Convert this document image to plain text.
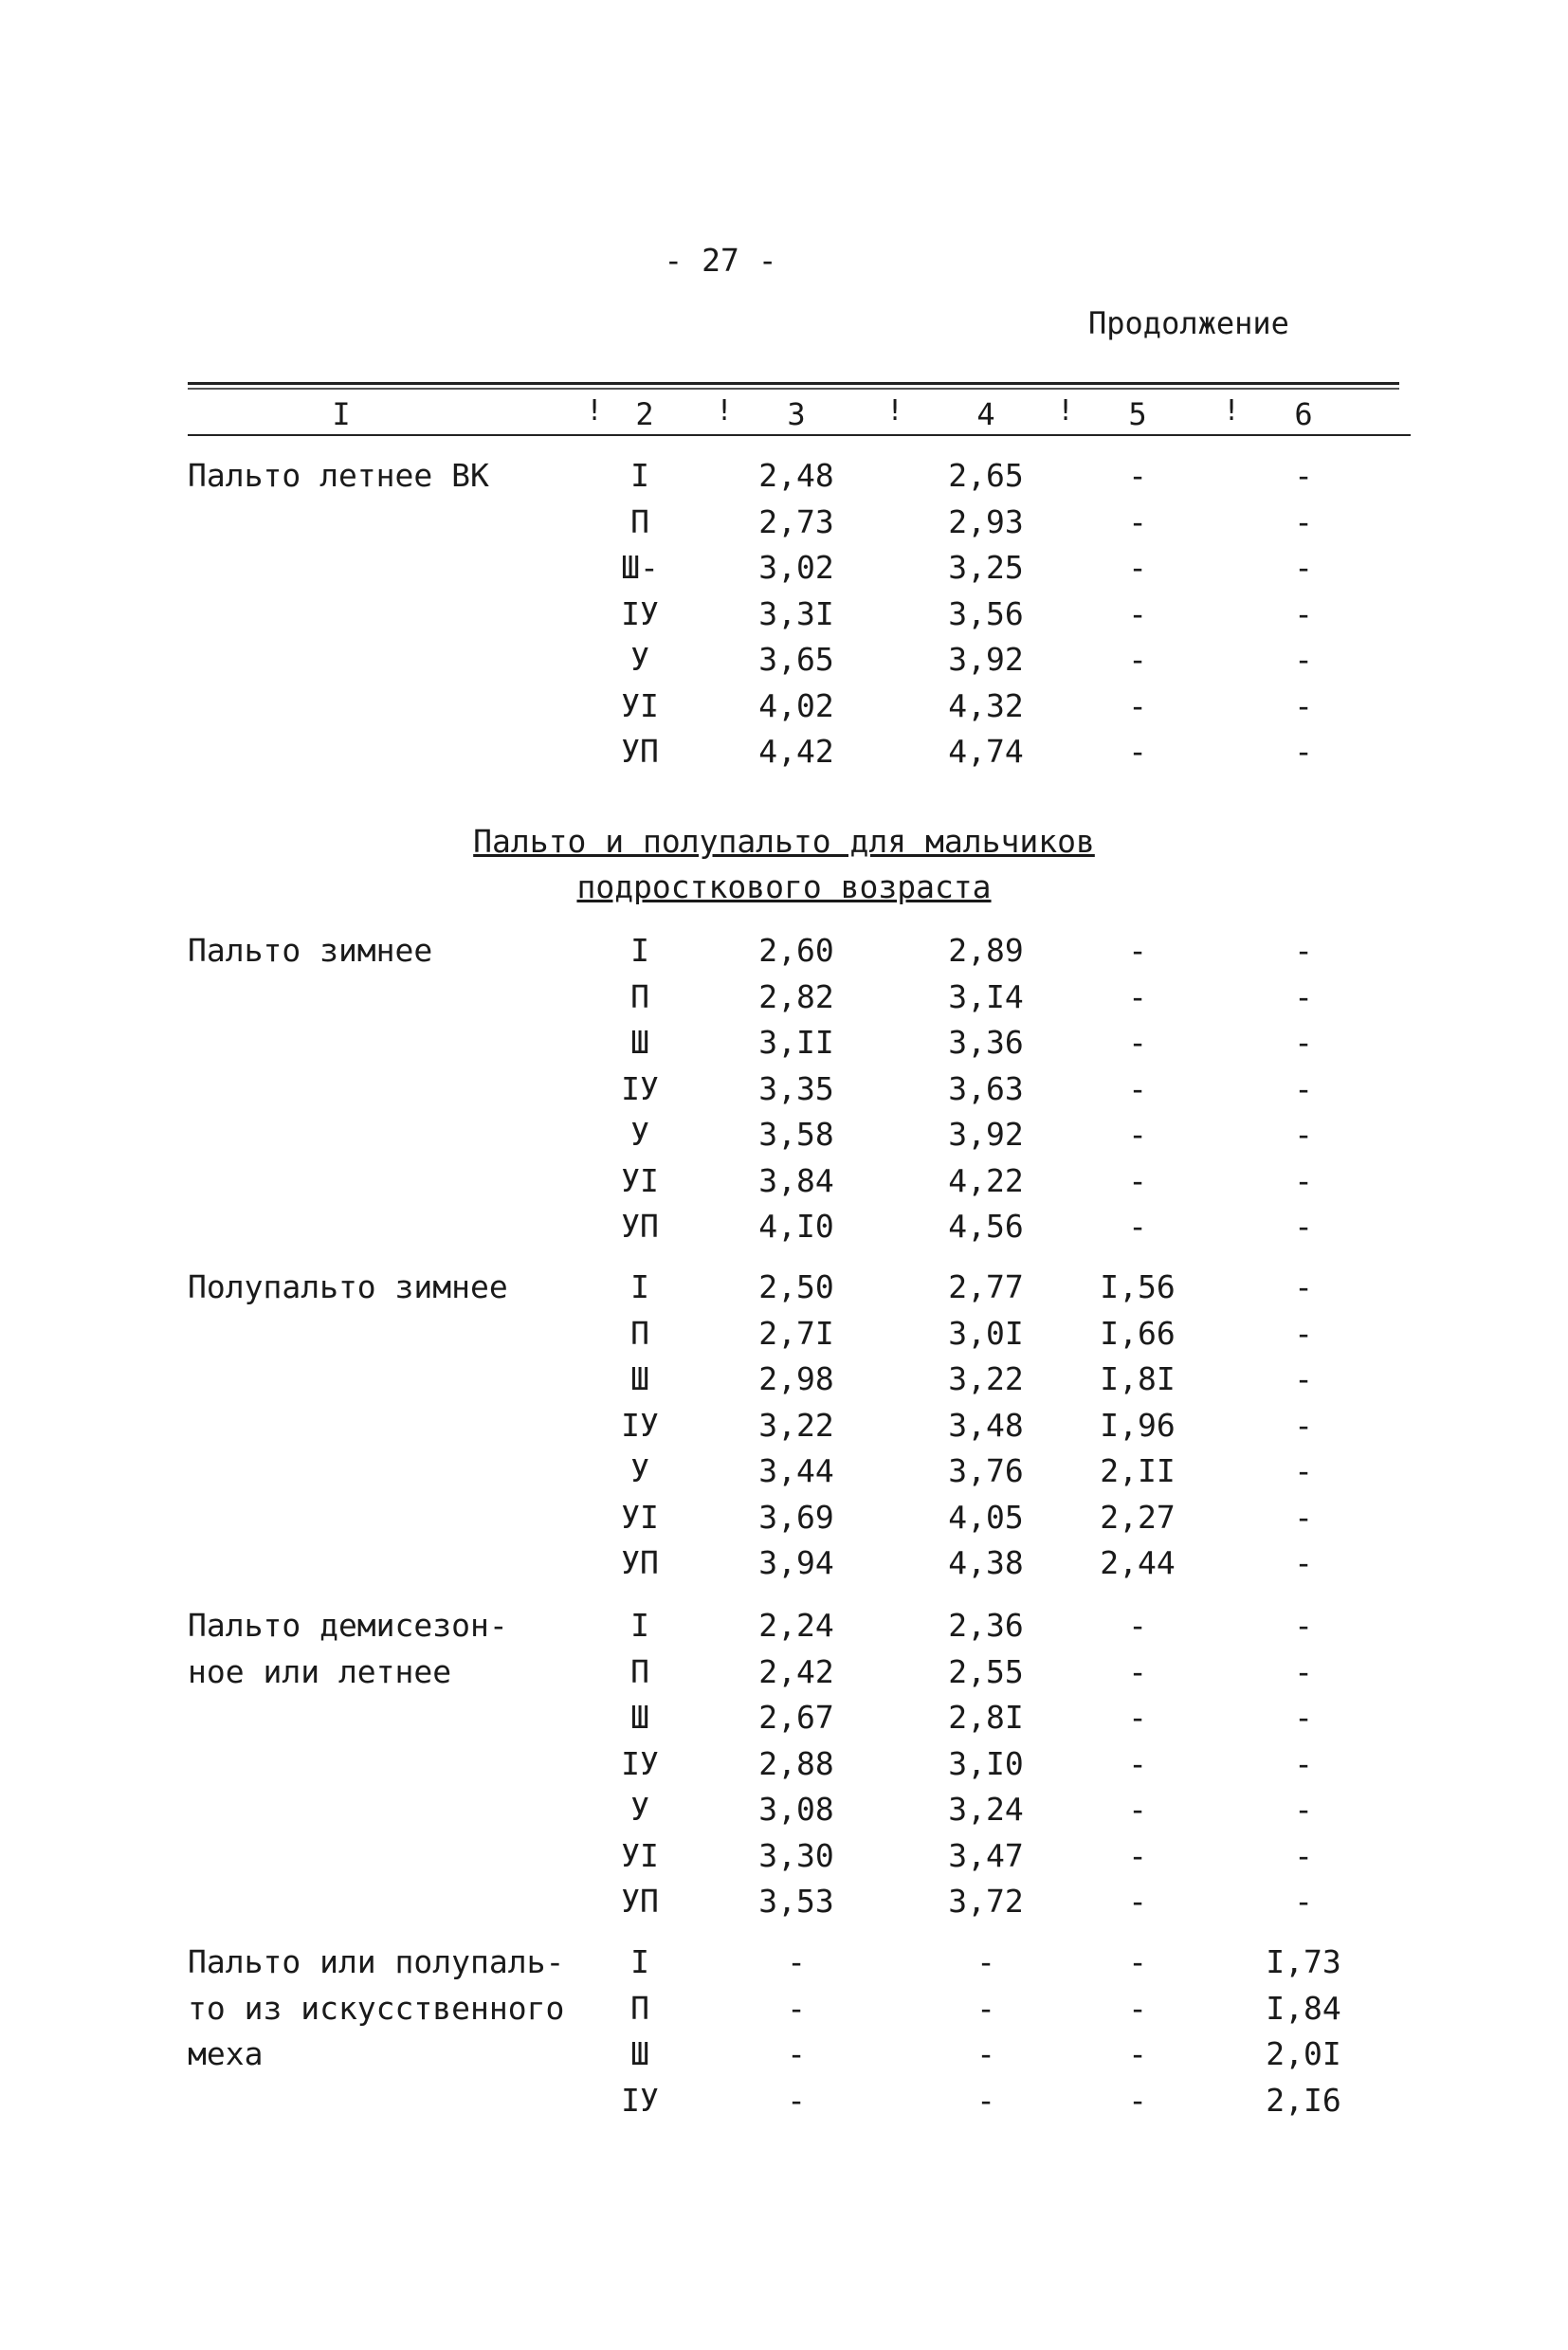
- 27 -
Продолжение
I	!	2	!	3	!	4	!	5	!	6
Пальто летнее ВК	I	2,48	2,65	-	-
П	2,73	2,93	-	-
Ш-	3,02	3,25	-	-
IУ	3,3I	3,56	-	-
У	3,65	3,92	-	-
УI	4,02	4,32	-	-
УП	4,42	4,74	-	-
Пальто и полупальто для мальчиков
подросткового возраста
Пальто зимнее	I	2,60	2,89	-	-
П	2,82	3,I4	-	-
Ш	3,II	3,36	-	-
IУ	3,35	3,63	-	-
У	3,58	3,92	-	-
УI	3,84	4,22	-	-
УП	4,I0	4,56	-	-
Полупальто зимнее	I	2,50	2,77	I,56	-
П	2,7I	3,0I	I,66	-
Ш	2,98	3,22	I,8I	-
IУ	3,22	3,48	I,96	-
У	3,44	3,76	2,II	-
УI	3,69	4,05	2,27	-
УП	3,94	4,38	2,44	-
Пальто демисезон-	I	2,24	2,36	-	-
ное или летнее	П	2,42	2,55	-	-
Ш	2,67	2,8I	-	-
IУ	2,88	3,I0	-	-
У	3,08	3,24	-	-
УI	3,30	3,47	-	-
УП	3,53	3,72	-	-
Пальто или полупаль-	I	-	-	-	I,73
то из искусственного	П	-	-	-	I,84
меха	Ш	-	-	-	2,0I
IУ	-	-	-	2,I6
